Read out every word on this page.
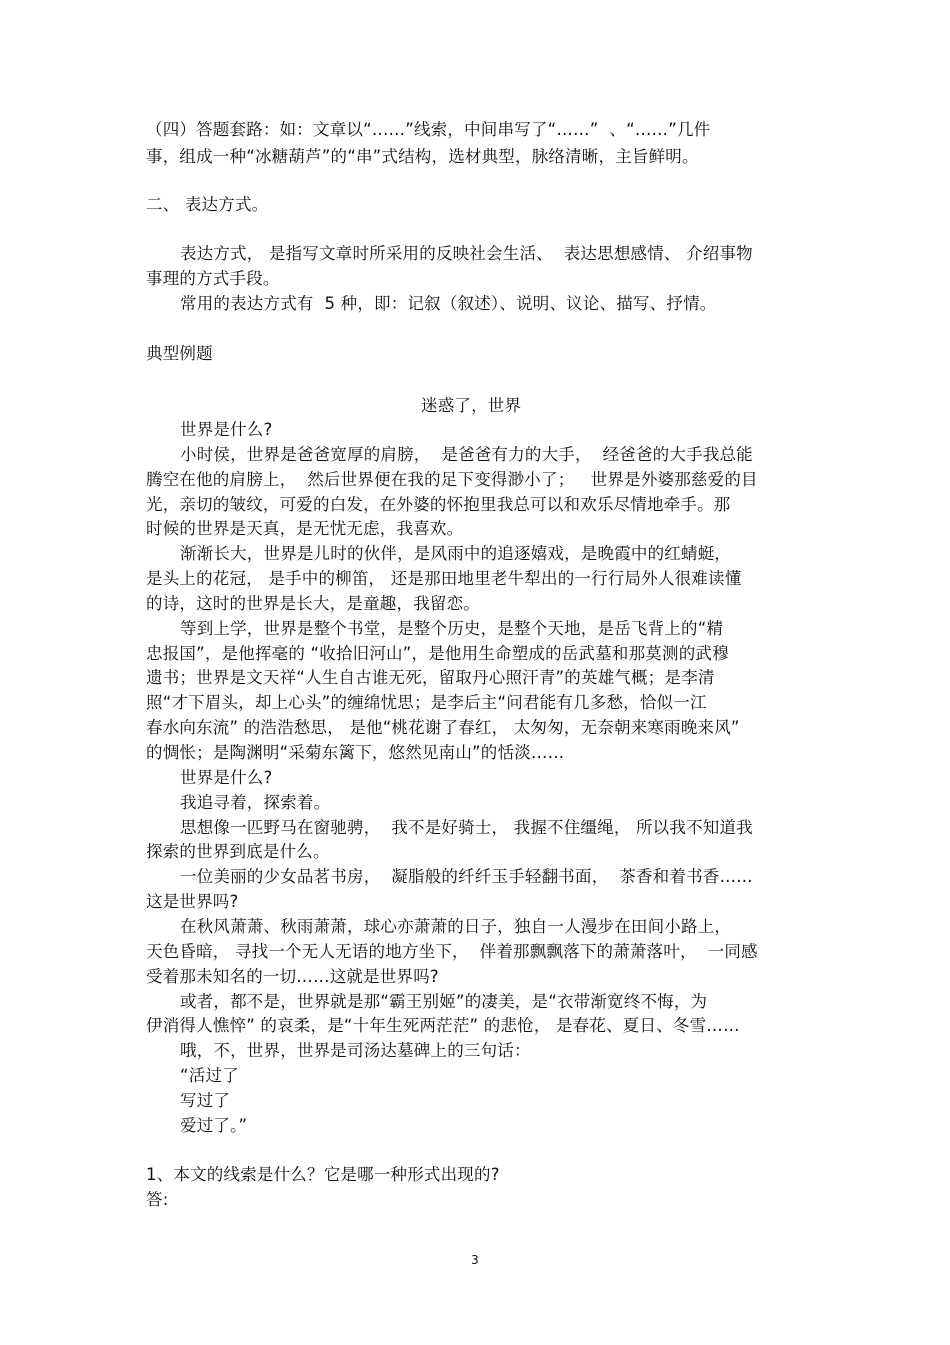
（四）答题套路：如：文章以“……”线索，中间串写了“……”  、“……”几件
事，组成一种“冰糖葫芦”的“串”式结构，选材典型，脉络清晰，主旨鲜明。
二、 表达方式。
表达方式， 是指写文章时所采用的反映社会生活、  表达思想感情、 介绍事物
事理的方式手段。
常用的表达方式有  5 种，即：记叙（叙述）、说明、议论、描写、抒情。
典型例题
迷惑了，世界
世界是什么?
小时侯，世界是爸爸宽厚的肩膀，  是爸爸有力的大手，  经爸爸的大手我总能
腾空在他的肩膀上，  然后世界便在我的足下变得渺小了；   世界是外婆那慈爱的目
光，亲切的皱纹，可爱的白发，在外婆的怀抱里我总可以和欢乐尽情地牵手。那
时候的世界是天真，是无忧无虑，我喜欢。
渐渐长大，世界是儿时的伙伴，是风雨中的追逐嬉戏，是晚霞中的红蜻蜓，
是头上的花冠， 是手中的柳笛， 还是那田地里老牛犁出的一行行局外人很难读懂
的诗，这时的世界是长大，是童趣，我留恋。
等到上学，世界是整个书堂，是整个历史，是整个天地，是岳飞背上的“精
忠报国”，是他挥毫的 “收拾旧河山”，是他用生命塑成的岳武墓和那莫测的武穆
遗书；世界是文天祥“人生自古谁无死，留取丹心照汗青”的英雄气概；是李清
照“才下眉头，却上心头”的缠绵忧思；是李后主“问君能有几多愁，恰似一江
春水向东流” 的浩浩愁思， 是他“桃花谢了春红， 太匆匆，无奈朝来寒雨晚来风”
的惆怅；是陶渊明“采菊东篱下，悠然见南山”的恬淡……
世界是什么?
我追寻着，探索着。
思想像一匹野马在窗驰骋，  我不是好骑士， 我握不住缰绳， 所以我不知道我
探索的世界到底是什么。
一位美丽的少女品茗书房，  凝脂般的纤纤玉手轻翻书面，  茶香和着书香……
这是世界吗?
在秋风萧萧、秋雨萧萧，球心亦萧萧的日子，独自一人漫步在田间小路上，
天色昏暗， 寻找一个无人无语的地方坐下，  伴着那飘飘落下的萧萧落叶，  一同感
受着那未知名的一切……这就是世界吗?
或者，都不是，世界就是那“霸王别姬”的凄美，是“衣带渐宽终不悔，为
伊消得人憔悴” 的哀柔，是“十年生死两茫茫” 的悲怆， 是春花、夏日、冬雪……
哦，不，世界，世界是司汤达墓碑上的三句话：
“活过了
写过了
爱过了。”
1、本文的线索是什么？它是哪一种形式出现的?
答:
3
